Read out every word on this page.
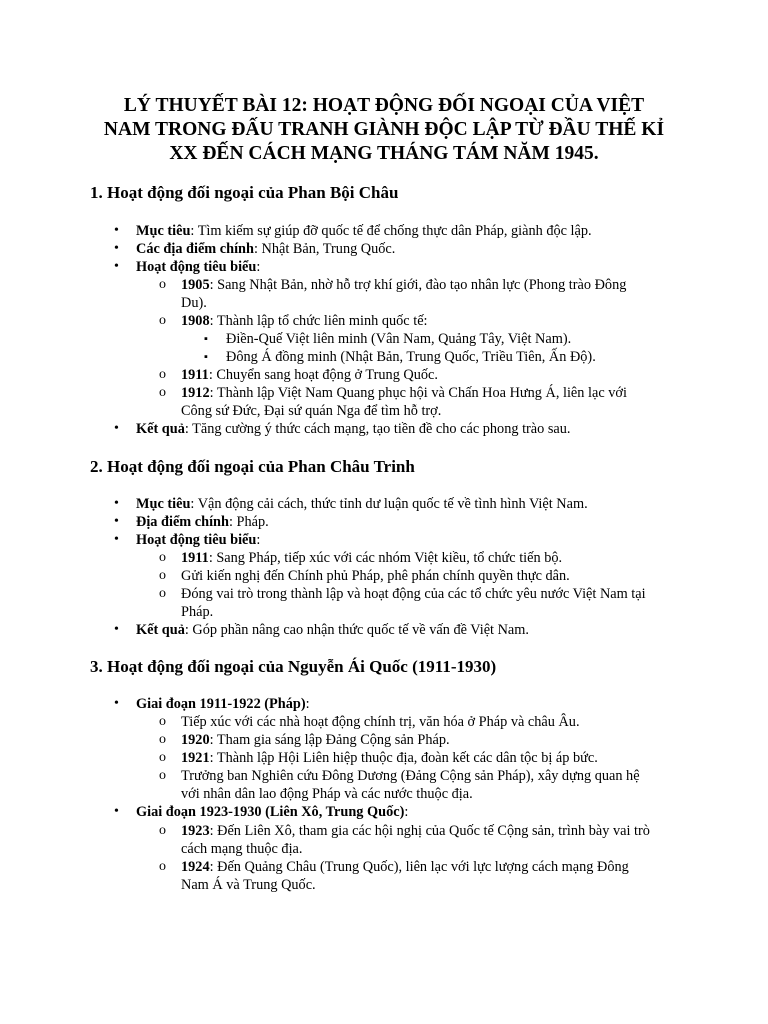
LÝ THUYẾT BÀI 12: HOẠT ĐỘNG ĐỐI NGOẠI CỦA VIỆT
NAM TRONG ĐẤU TRANH GIÀNH ĐỘC LẬP TỪ ĐẦU THẾ KỈ
XX ĐẾN CÁCH MẠNG THÁNG TÁM NĂM 1945.
1. Hoạt động đối ngoại của Phan Bội Châu
• Mục tiêu: Tìm kiếm sự giúp đỡ quốc tế để chống thực dân Pháp, giành độc lập.
• Các địa điểm chính: Nhật Bản, Trung Quốc.
• Hoạt động tiêu biểu:
o 1905: Sang Nhật Bản, nhờ hỗ trợ khí giới, đào tạo nhân lực (Phong trào Đông
Du).
o 1908: Thành lập tổ chức liên minh quốc tế:
▪ Điền-Quế Việt liên minh (Vân Nam, Quảng Tây, Việt Nam).
▪ Đông Á đồng minh (Nhật Bản, Trung Quốc, Triều Tiên, Ấn Độ).
o 1911: Chuyển sang hoạt động ở Trung Quốc.
o 1912: Thành lập Việt Nam Quang phục hội và Chấn Hoa Hưng Á, liên lạc với
Công sứ Đức, Đại sứ quán Nga để tìm hỗ trợ.
• Kết quả: Tăng cường ý thức cách mạng, tạo tiền đề cho các phong trào sau.
2. Hoạt động đối ngoại của Phan Châu Trinh
• Mục tiêu: Vận động cải cách, thức tỉnh dư luận quốc tế về tình hình Việt Nam.
• Địa điểm chính: Pháp.
• Hoạt động tiêu biểu:
o 1911: Sang Pháp, tiếp xúc với các nhóm Việt kiều, tổ chức tiến bộ.
o Gửi kiến nghị đến Chính phủ Pháp, phê phán chính quyền thực dân.
o Đóng vai trò trong thành lập và hoạt động của các tổ chức yêu nước Việt Nam tại
Pháp.
• Kết quả: Góp phần nâng cao nhận thức quốc tế về vấn đề Việt Nam.
3. Hoạt động đối ngoại của Nguyễn Ái Quốc (1911-1930)
• Giai đoạn 1911-1922 (Pháp):
o Tiếp xúc với các nhà hoạt động chính trị, văn hóa ở Pháp và châu Âu.
o 1920: Tham gia sáng lập Đảng Cộng sản Pháp.
o 1921: Thành lập Hội Liên hiệp thuộc địa, đoàn kết các dân tộc bị áp bức.
o Trưởng ban Nghiên cứu Đông Dương (Đảng Cộng sản Pháp), xây dựng quan hệ
với nhân dân lao động Pháp và các nước thuộc địa.
• Giai đoạn 1923-1930 (Liên Xô, Trung Quốc):
o 1923: Đến Liên Xô, tham gia các hội nghị của Quốc tế Cộng sản, trình bày vai trò
cách mạng thuộc địa.
o 1924: Đến Quảng Châu (Trung Quốc), liên lạc với lực lượng cách mạng Đông
Nam Á và Trung Quốc.
